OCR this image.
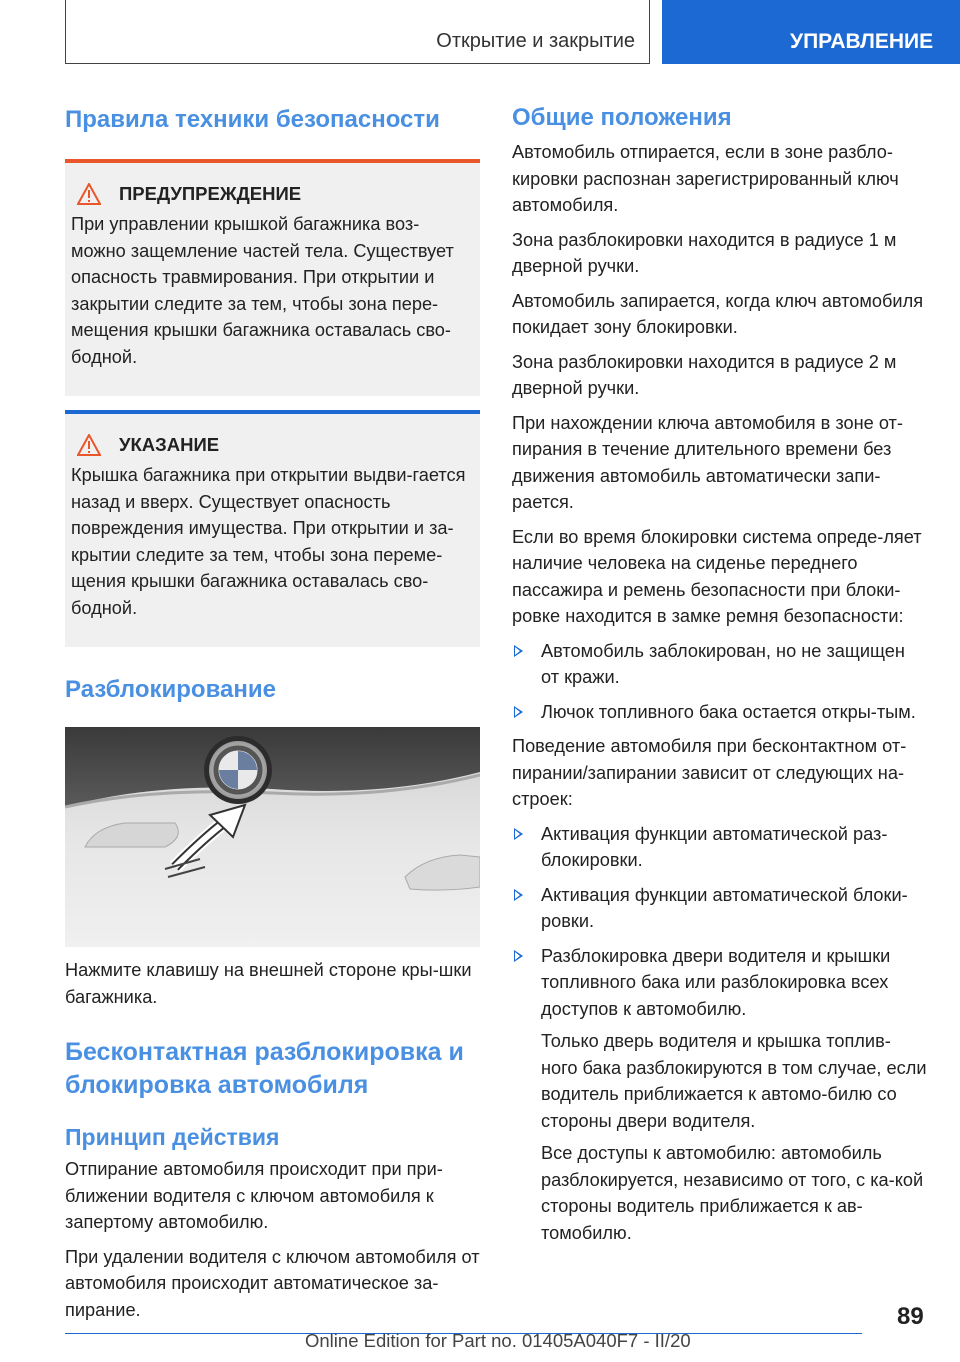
Открытие и закрытие	УПРАВЛЕНИЕ
Правила техники безопасности
ПРЕДУПРЕЖДЕНИЕ

При управлении крышкой багажника воз-можно защемление частей тела. Существует опасность травмирования. При открытии и закрытии следите за тем, чтобы зона пере-мещения крышки багажника оставалась сво-бодной.

УКАЗАНИЕ

Крышка багажника при открытии выдви-гается назад и вверх. Существует опасность повреждения имущества. При открытии и за-крытии следите за тем, чтобы зона переме-щения крышки багажника оставалась сво-бодной.

Разблокирование

Нажмите клавишу на внешней стороне кры-шки багажника.

Бесконтактная разблокировка и блокировка автомобиля
Принцип действия

Отпирание автомобиля происходит при при-ближении водителя с ключом автомобиля к запертому автомобилю.

При удалении водителя с ключом автомобиля от автомобиля происходит автоматическое за-пирание.

Общие положения

Автомобиль отпирается, если в зоне разбло-кировки распознан зарегистрированный ключ автомобиля.

Зона разблокировки находится в радиусе 1 м дверной ручки.

Автомобиль запирается, когда ключ автомобиля покидает зону блокировки.

Зона разблокировки находится в радиусе 2 м дверной ручки.

При нахождении ключа автомобиля в зоне от-пирания в течение длительного времени без движения автомобиль автоматически запи-рается.

Если во время блокировки система опреде-ляет наличие человека на сиденье переднего пассажира и ремень безопасности при блоки-ровке находится в замке ремня безопасности:

Автомобиль заблокирован, но не защищен от кражи.
Лючок топливного бака остается откры-тым.

Поведение автомобиля при бесконтактном от-пирании/запирании зависит от следующих на-строек:

Активация функции автоматической раз-блокировки.
Активация функции автоматической блоки-ровки.
Разблокировка двери водителя и крышки топливного бака или разблокировка всех доступов к автомобилю.
Только дверь водителя и крышка топлив-ного бака разблокируются в том случае, если водитель приближается к автомо-билю со стороны двери водителя.
Все доступы к автомобилю: автомобиль разблокируется, независимо от того, с ка-кой стороны водитель приближается к ав-томобилю.
89
Online Edition for Part no. 01405A040F7 - II/20
